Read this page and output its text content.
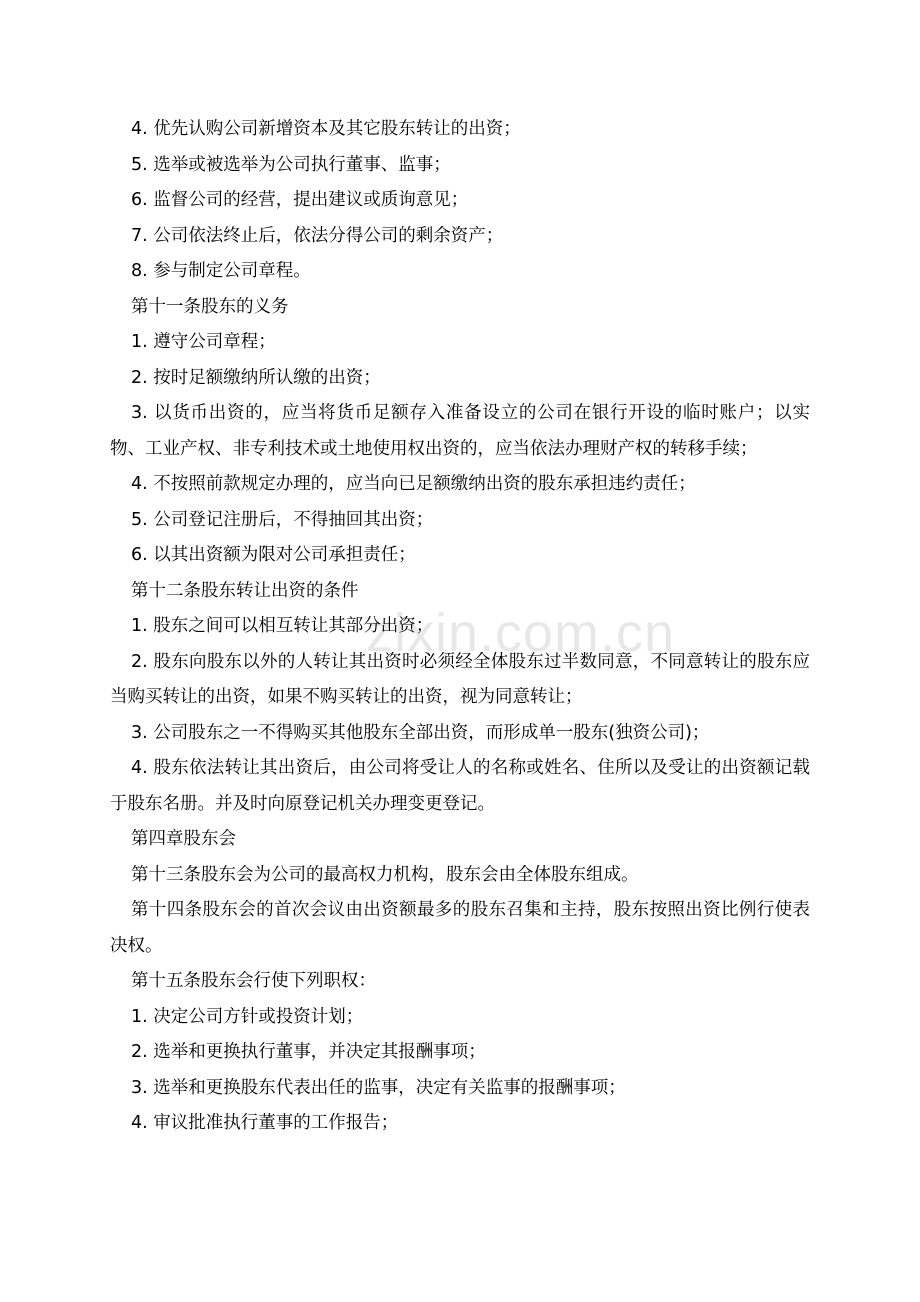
4. 优先认购公司新增资本及其它股东转让的出资；

5. 选举或被选举为公司执行董事、监事；

6. 监督公司的经营，提出建议或质询意见；

7. 公司依法终止后，依法分得公司的剩余资产；

8. 参与制定公司章程。

第十一条股东的义务

1. 遵守公司章程；

2. 按时足额缴纳所认缴的出资；

3. 以货币出资的，应当将货币足额存入准备设立的公司在银行开设的临时账户；以实物、工业产权、非专利技术或土地使用权出资的，应当依法办理财产权的转移手续；

4. 不按照前款规定办理的，应当向已足额缴纳出资的股东承担违约责任；

5. 公司登记注册后，不得抽回其出资；

6. 以其出资额为限对公司承担责任；

第十二条股东转让出资的条件

1. 股东之间可以相互转让其部分出资；

2. 股东向股东以外的人转让其出资时必须经全体股东过半数同意，不同意转让的股东应当购买转让的出资，如果不购买转让的出资，视为同意转让；

3. 公司股东之一不得购买其他股东全部出资，而形成单一股东(独资公司)；

4. 股东依法转让其出资后，由公司将受让人的名称或姓名、住所以及受让的出资额记载于股东名册。并及时向原登记机关办理变更登记。

第四章股东会

第十三条股东会为公司的最高权力机构，股东会由全体股东组成。

第十四条股东会的首次会议由出资额最多的股东召集和主持，股东按照出资比例行使表决权。

第十五条股东会行使下列职权：

1. 决定公司方针或投资计划；

2. 选举和更换执行董事，并决定其报酬事项；

3. 选举和更换股东代表出任的监事，决定有关监事的报酬事项；

4. 审议批准执行董事的工作报告；

zixin.com.cn
